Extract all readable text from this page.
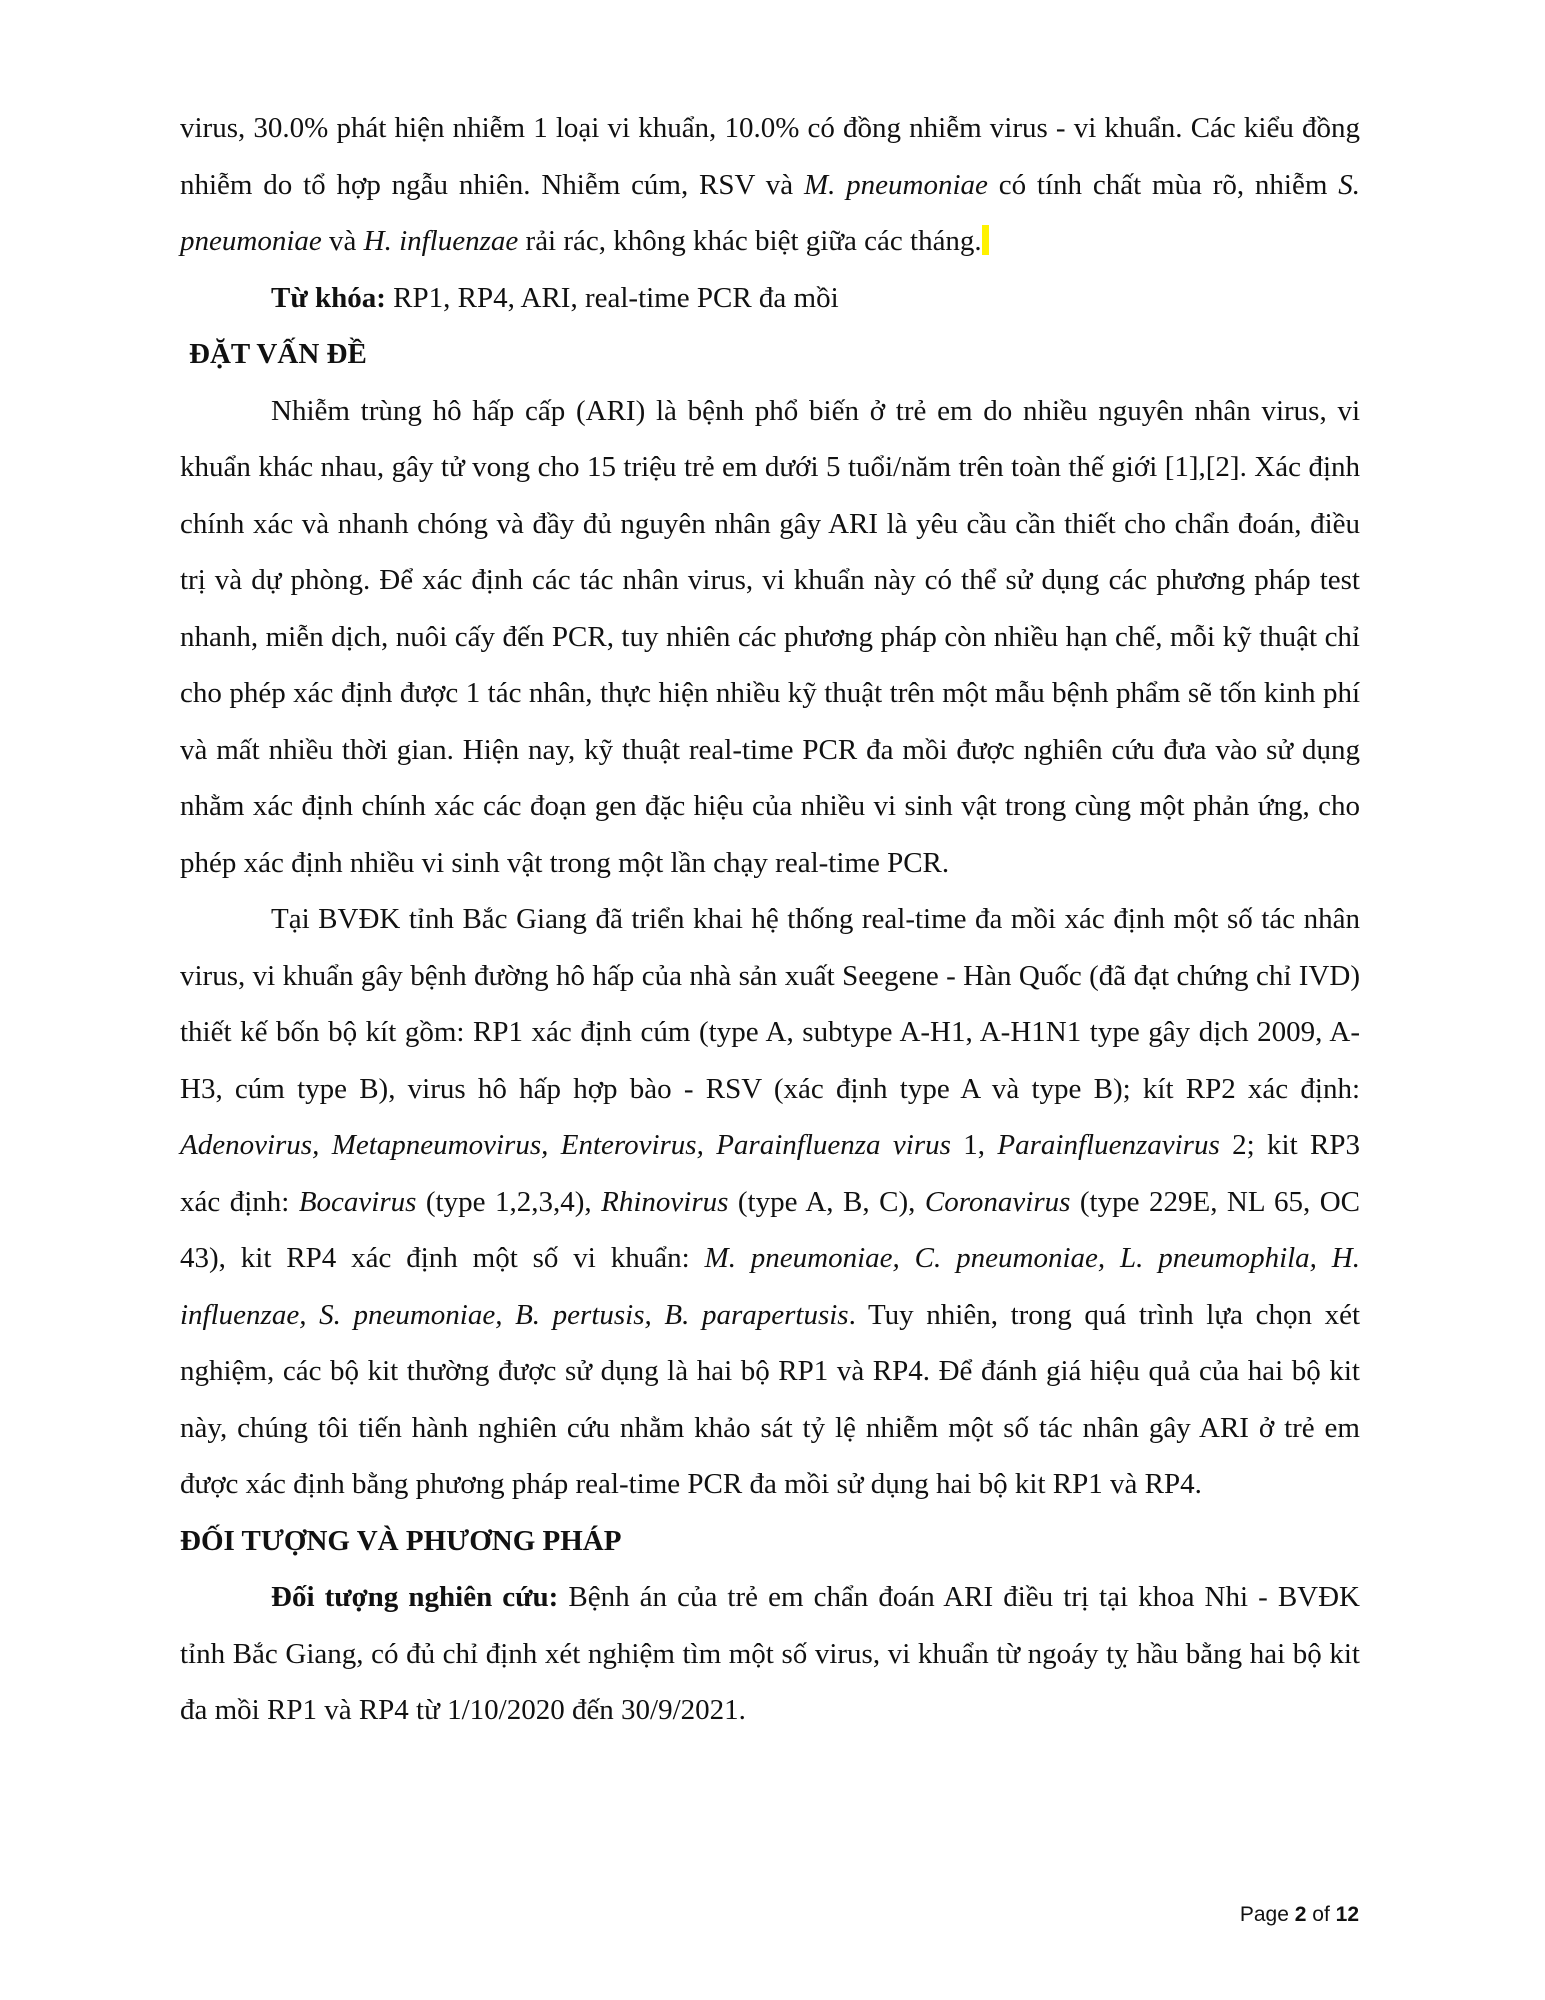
virus, 30.0% phát hiện nhiễm 1 loại vi khuẩn, 10.0% có đồng nhiễm virus - vi khuẩn. Các kiểu đồng nhiễm do tổ hợp ngẫu nhiên. Nhiễm cúm, RSV và M. pneumoniae có tính chất mùa rõ, nhiễm S. pneumoniae và H. influenzae rải rác, không khác biệt giữa các tháng.

Từ khóa: RP1, RP4, ARI, real-time PCR đa mồi

ĐẶT VẤN ĐỀ

Nhiễm trùng hô hấp cấp (ARI) là bệnh phổ biến ở trẻ em do nhiều nguyên nhân virus, vi khuẩn khác nhau, gây tử vong cho 15 triệu trẻ em dưới 5 tuổi/năm trên toàn thế giới [1],[2]. Xác định chính xác và nhanh chóng và đầy đủ nguyên nhân gây ARI là yêu cầu cần thiết cho chẩn đoán, điều trị và dự phòng. Để xác định các tác nhân virus, vi khuẩn này có thể sử dụng các phương pháp test nhanh, miễn dịch, nuôi cấy đến PCR, tuy nhiên các phương pháp còn nhiều hạn chế, mỗi kỹ thuật chỉ cho phép xác định được 1 tác nhân, thực hiện nhiều kỹ thuật trên một mẫu bệnh phẩm sẽ tốn kinh phí và mất nhiều thời gian. Hiện nay, kỹ thuật real-time PCR đa mồi được nghiên cứu đưa vào sử dụng nhằm xác định chính xác các đoạn gen đặc hiệu của nhiều vi sinh vật trong cùng một phản ứng, cho phép xác định nhiều vi sinh vật trong một lần chạy real-time PCR.

Tại BVĐK tỉnh Bắc Giang đã triển khai hệ thống real-time đa mồi xác định một số tác nhân virus, vi khuẩn gây bệnh đường hô hấp của nhà sản xuất Seegene - Hàn Quốc (đã đạt chứng chỉ IVD) thiết kế bốn bộ kít gồm: RP1 xác định cúm (type A, subtype A-H1, A-H1N1 type gây dịch 2009, A-H3, cúm type B), virus hô hấp hợp bào - RSV (xác định type A và type B); kít RP2 xác định: Adenovirus, Metapneumovirus, Enterovirus, Parainfluenza virus 1, Parainfluenzavirus 2; kit RP3 xác định: Bocavirus (type 1,2,3,4), Rhinovirus (type A, B, C), Coronavirus (type 229E, NL 65, OC 43), kit RP4 xác định một số vi khuẩn: M. pneumoniae, C. pneumoniae, L. pneumophila, H. influenzae, S. pneumoniae, B. pertusis, B. parapertusis. Tuy nhiên, trong quá trình lựa chọn xét nghiệm, các bộ kit thường được sử dụng là hai bộ RP1 và RP4. Để đánh giá hiệu quả của hai bộ kit này, chúng tôi tiến hành nghiên cứu nhằm khảo sát tỷ lệ nhiễm một số tác nhân gây ARI ở trẻ em được xác định bằng phương pháp real-time PCR đa mồi sử dụng hai bộ kit RP1 và RP4.

ĐỐI TƯỢNG VÀ PHƯƠNG PHÁP

Đối tượng nghiên cứu: Bệnh án của trẻ em chẩn đoán ARI điều trị tại khoa Nhi - BVĐK tỉnh Bắc Giang, có đủ chỉ định xét nghiệm tìm một số virus, vi khuẩn từ ngoáy tỵ hầu bằng hai bộ kit đa mồi RP1 và RP4 từ 1/10/2020 đến 30/9/2021.

Page 2 of 12
